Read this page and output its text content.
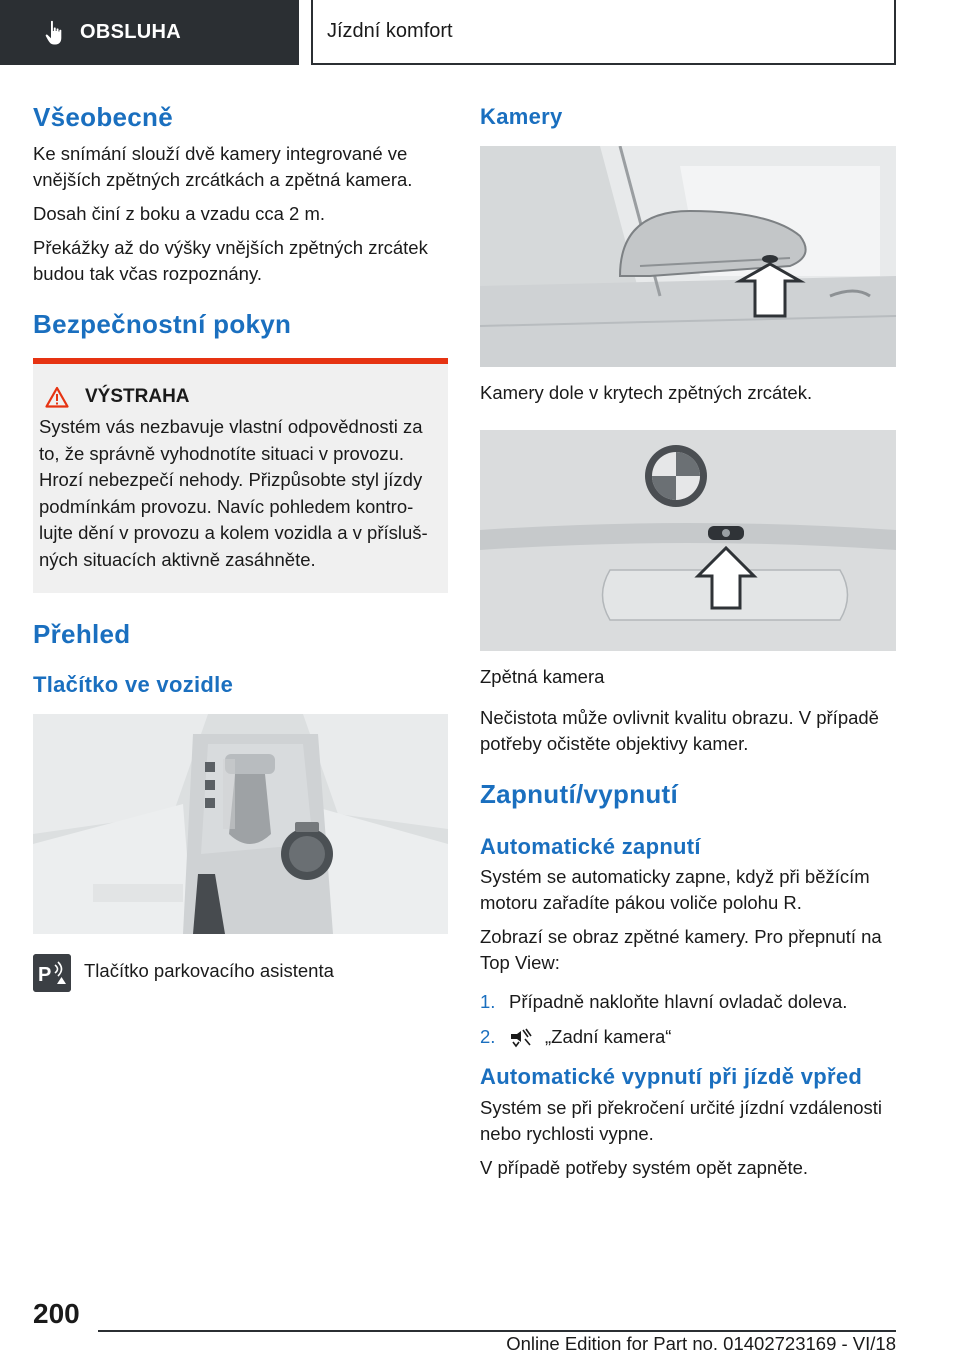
OBSLUHA	Jízdní komfort
Všeobecně

Ke snímání slouží dvě kamery integrované ve vnějších zpětných zrcátkách a zpětná kamera.

Dosah činí z boku a vzadu cca 2 m.

Překážky až do výšky vnějších zpětných zrcátek budou tak včas rozpoznány.

Bezpečnostní pokyn
VÝSTRAHA

Systém vás nezbavuje vlastní odpovědnosti za to, že správně vyhodnotíte situaci v provozu. Hrozí nebezpečí nehody. Přizpůsobte styl jízdy podmínkám provozu. Navíc pohledem kontro- lujte dění v provozu a kolem vozidla a v přísluš- ných situacích aktivně zasáhněte.

Přehled
Tlačítko ve vozidle
P Tlačítko parkovacího asistenta

Kamery

Kamery dole v krytech zpětných zrcátek.

Zpětná kamera

Nečistota může ovlivnit kvalitu obrazu. V případě potřeby očistěte objektivy kamer.

Zapnutí/vypnutí
Automatické zapnutí

Systém se automaticky zapne, když při běžícím motoru zařadíte pákou voliče polohu R.

Zobrazí se obraz zpětné kamery. Pro přepnutí na Top View:

1. Případně nakloňte hlavní ovladač doleva.
2.	„Zadní kamera“
Automatické vypnutí při jízdě vpřed

Systém se při překročení určité jízdní vzdálenosti nebo rychlosti vypne.

V případě potřeby systém opět zapněte.

200
Online Edition for Part no. 01402723169 - VI/18
